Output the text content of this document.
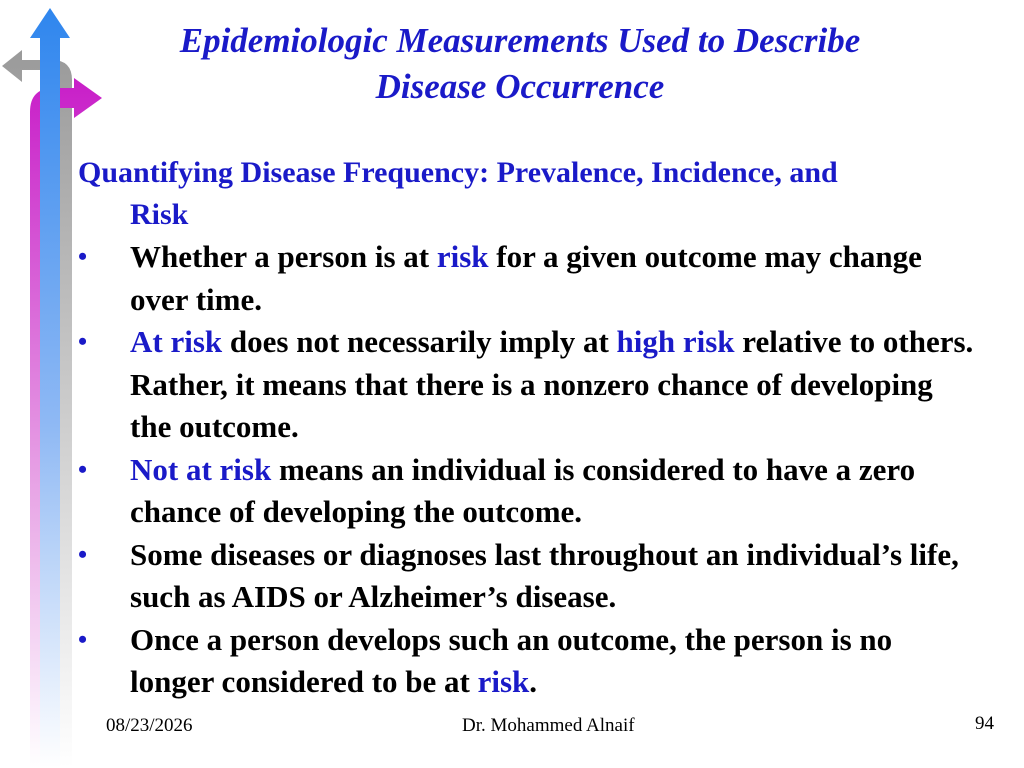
Epidemiologic Measurements Used to Describe
Disease Occurrence
Quantifying Disease Frequency: Prevalence, Incidence, and
Risk
• Whether a person is at risk for a given outcome may change over time.
• At risk does not necessarily imply at high risk relative to others. Rather, it means that there is a nonzero chance of developing the outcome.
• Not at risk means an individual is considered to have a zero chance of developing the outcome.
• Some diseases or diagnoses last throughout an individual’s life, such as AIDS or Alzheimer’s disease.
• Once a person develops such an outcome, the person is no longer considered to be at risk.
08/23/2026	Dr. Mohammed Alnaif	94
